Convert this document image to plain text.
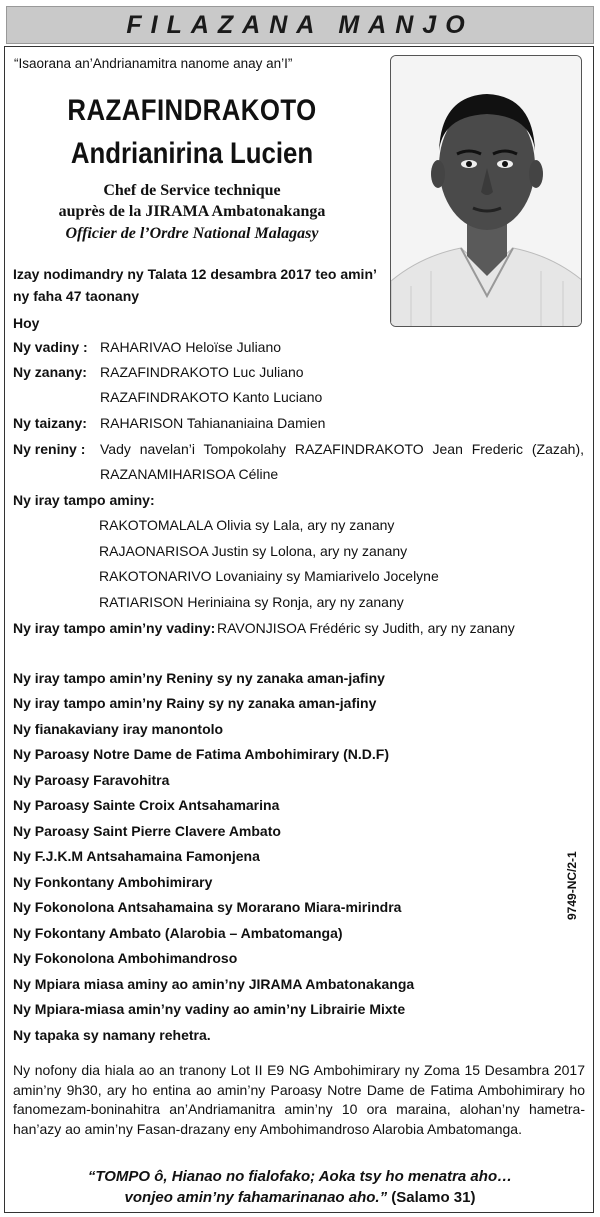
FILAZANA MANJO
“Isaorana an’Andrianamitra nanome anay an’I”
RAZAFINDRAKOTO
Andrianirina Lucien
Chef de Service technique
auprès de la JIRAMA Ambatonakanga
Officier de l’Ordre National Malagasy
Izay nodimandry ny Talata 12 desambra 2017 teo amin’
ny faha 47 taonany
Hoy
Ny vadiny : RAHARIVAO Heloïse Juliano
Ny zanany: RAZAFINDRAKOTO Luc Juliano
RAZAFINDRAKOTO Kanto Luciano
Ny taizany: RAHARISON Tahiananiaina Damien
Ny reniny : Vady navelan’i Tompokolahy RAZAFINDRAKOTO Jean Frederic (Zazah),
RAZANAMIHARISOA Céline
Ny iray tampo aminy:
RAKOTOMALALA Olivia sy Lala, ary ny zanany
RAJAONARISOA Justin sy Lolona, ary ny zanany
RAKOTONARIVO Lovaniainy sy Mamiarivelo Jocelyne
RATIARISON Heriniaina sy Ronja, ary ny zanany
Ny iray tampo amin’ny vadiny: RAVONJISOA Frédéric sy Judith, ary ny zanany
Ny iray tampo amin’ny Reniny sy ny zanaka aman-jafiny
Ny iray tampo amin’ny Rainy sy ny zanaka aman-jafiny
Ny fianakaviany iray manontolo
Ny Paroasy Notre Dame de Fatima Ambohimirary (N.D.F)
Ny Paroasy Faravohitra
Ny Paroasy Sainte Croix Antsahamarina
Ny Paroasy Saint Pierre Clavere Ambato
Ny F.J.K.M Antsahamaina Famonjena
Ny Fonkontany Ambohimirary
Ny Fokonolona Antsahamaina sy Morarano Miara-mirindra
Ny Fokontany Ambato (Alarobia – Ambatomanga)
Ny Fokonolona Ambohimandroso
Ny Mpiara miasa aminy ao amin’ny JIRAMA Ambatonakanga
Ny Mpiara-miasa amin’ny vadiny ao amin’ny Librairie Mixte
Ny tapaka sy namany rehetra.
9749-NC/2-1
Ny nofony dia hiala ao an tranony Lot II E9 NG Ambohimirary ny Zoma 15 Desambra 2017 amin’ny 9h30, ary ho entina ao amin’ny Paroasy Notre Dame de Fatima Ambohimirary ho fanomezam-boninahitra an’Andriamanitra amin’ny 10 ora maraina, alohan’ny hametra-han’azy ao amin’ny Fasan-drazany eny Ambohimandroso Alarobia Ambatomanga.
“TOMPO ô, Hianao no fialofako; Aoka tsy ho menatra aho…
vonjeo amin’ny fahamarinanao aho.” (Salamo 31)
